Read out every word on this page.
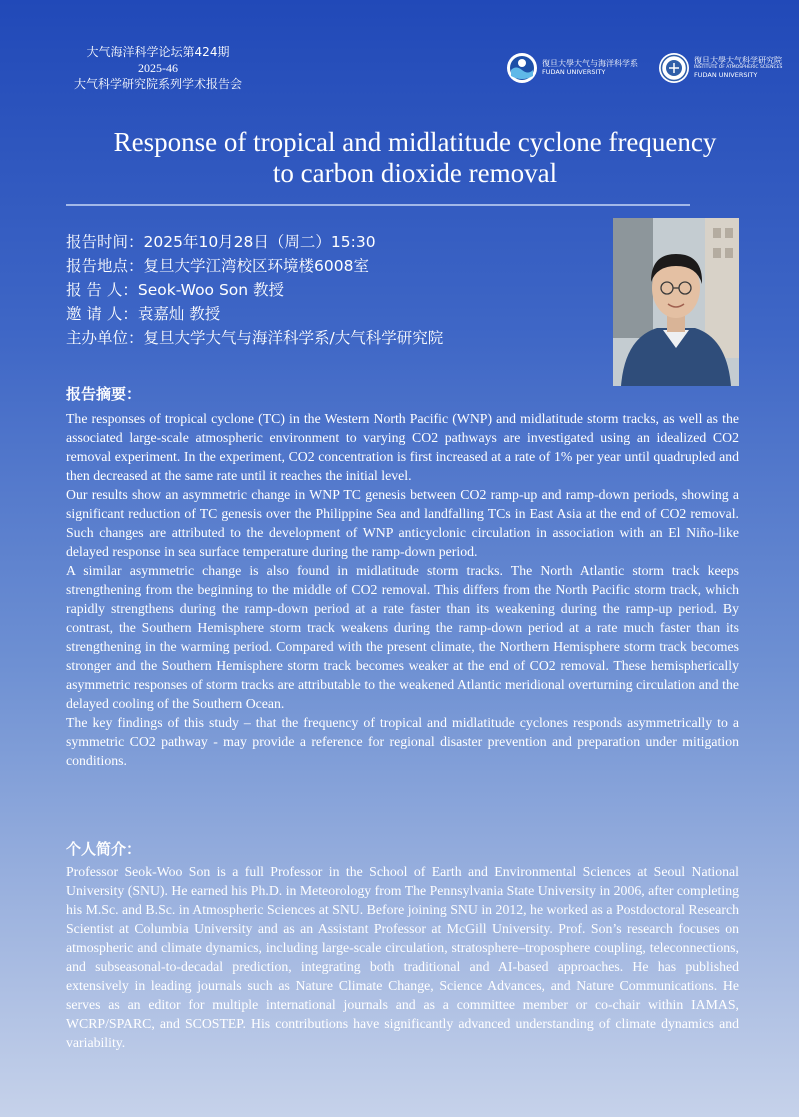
大气海洋科学论坛第424期
2025-46
大气科学研究院系列学术报告会
復旦大學大气与海洋科学系
FUDAN UNIVERSITY
復旦大學大气科学研究院
INSTITUTE OF ATMOSPHERIC SCIENCES
FUDAN UNIVERSITY
Response of tropical and midlatitude cyclone frequency
to carbon dioxide removal
报告时间：2025年10月28日（周二）15:30
报告地点：复旦大学江湾校区环境楼6008室
报 告 人：Seok-Woo Son 教授
邀 请 人：袁嘉灿 教授
主办单位：复旦大学大气与海洋科学系/大气科学研究院
报告摘要：

The responses of tropical cyclone (TC) in the Western North Pacific (WNP) and midlatitude storm tracks, as well as the associated large-scale atmospheric environment to varying CO2 pathways are investigated using an idealized CO2 removal experiment. In the experiment, CO2 concentration is first increased at a rate of 1% per year until quadrupled and then decreased at the same rate until it reaches the initial level.

Our results show an asymmetric change in WNP TC genesis between CO2 ramp-up and ramp-down periods, showing a significant reduction of TC genesis over the Philippine Sea and landfalling TCs in East Asia at the end of CO2 removal. Such changes are attributed to the development of WNP anticyclonic circulation in association with an El Niño-like delayed response in sea surface temperature during the ramp-down period.

A similar asymmetric change is also found in midlatitude storm tracks. The North Atlantic storm track keeps strengthening from the beginning to the middle of CO2 removal. This differs from the North Pacific storm track, which rapidly strengthens during the ramp-down period at a rate faster than its weakening during the ramp-up period. By contrast, the Southern Hemisphere storm track weakens during the ramp-down period at a rate much faster than its strengthening in the warming period. Compared with the present climate, the Northern Hemisphere storm track becomes stronger and the Southern Hemisphere storm track becomes weaker at the end of CO2 removal. These hemispherically asymmetric responses of storm tracks are attributable to the weakened Atlantic meridional overturning circulation and the delayed cooling of the Southern Ocean.

The key findings of this study – that the frequency of tropical and midlatitude cyclones responds asymmetrically to a symmetric CO2 pathway - may provide a reference for regional disaster prevention and preparation under mitigation conditions.

个人简介：

Professor Seok-Woo Son is a full Professor in the School of Earth and Environmental Sciences at Seoul National University (SNU). He earned his Ph.D. in Meteorology from The Pennsylvania State University in 2006, after completing his M.Sc. and B.Sc. in Atmospheric Sciences at SNU. Before joining SNU in 2012, he worked as a Postdoctoral Research Scientist at Columbia University and as an Assistant Professor at McGill University. Prof. Son’s research focuses on atmospheric and climate dynamics, including large-scale circulation, stratosphere–troposphere coupling, teleconnections, and subseasonal-to-decadal prediction, integrating both traditional and AI-based approaches. He has published extensively in leading journals such as Nature Climate Change, Science Advances, and Nature Communications. He serves as an editor for multiple international journals and as a committee member or co-chair within IAMAS, WCRP/SPARC, and SCOSTEP. His contributions have significantly advanced understanding of climate dynamics and variability.
